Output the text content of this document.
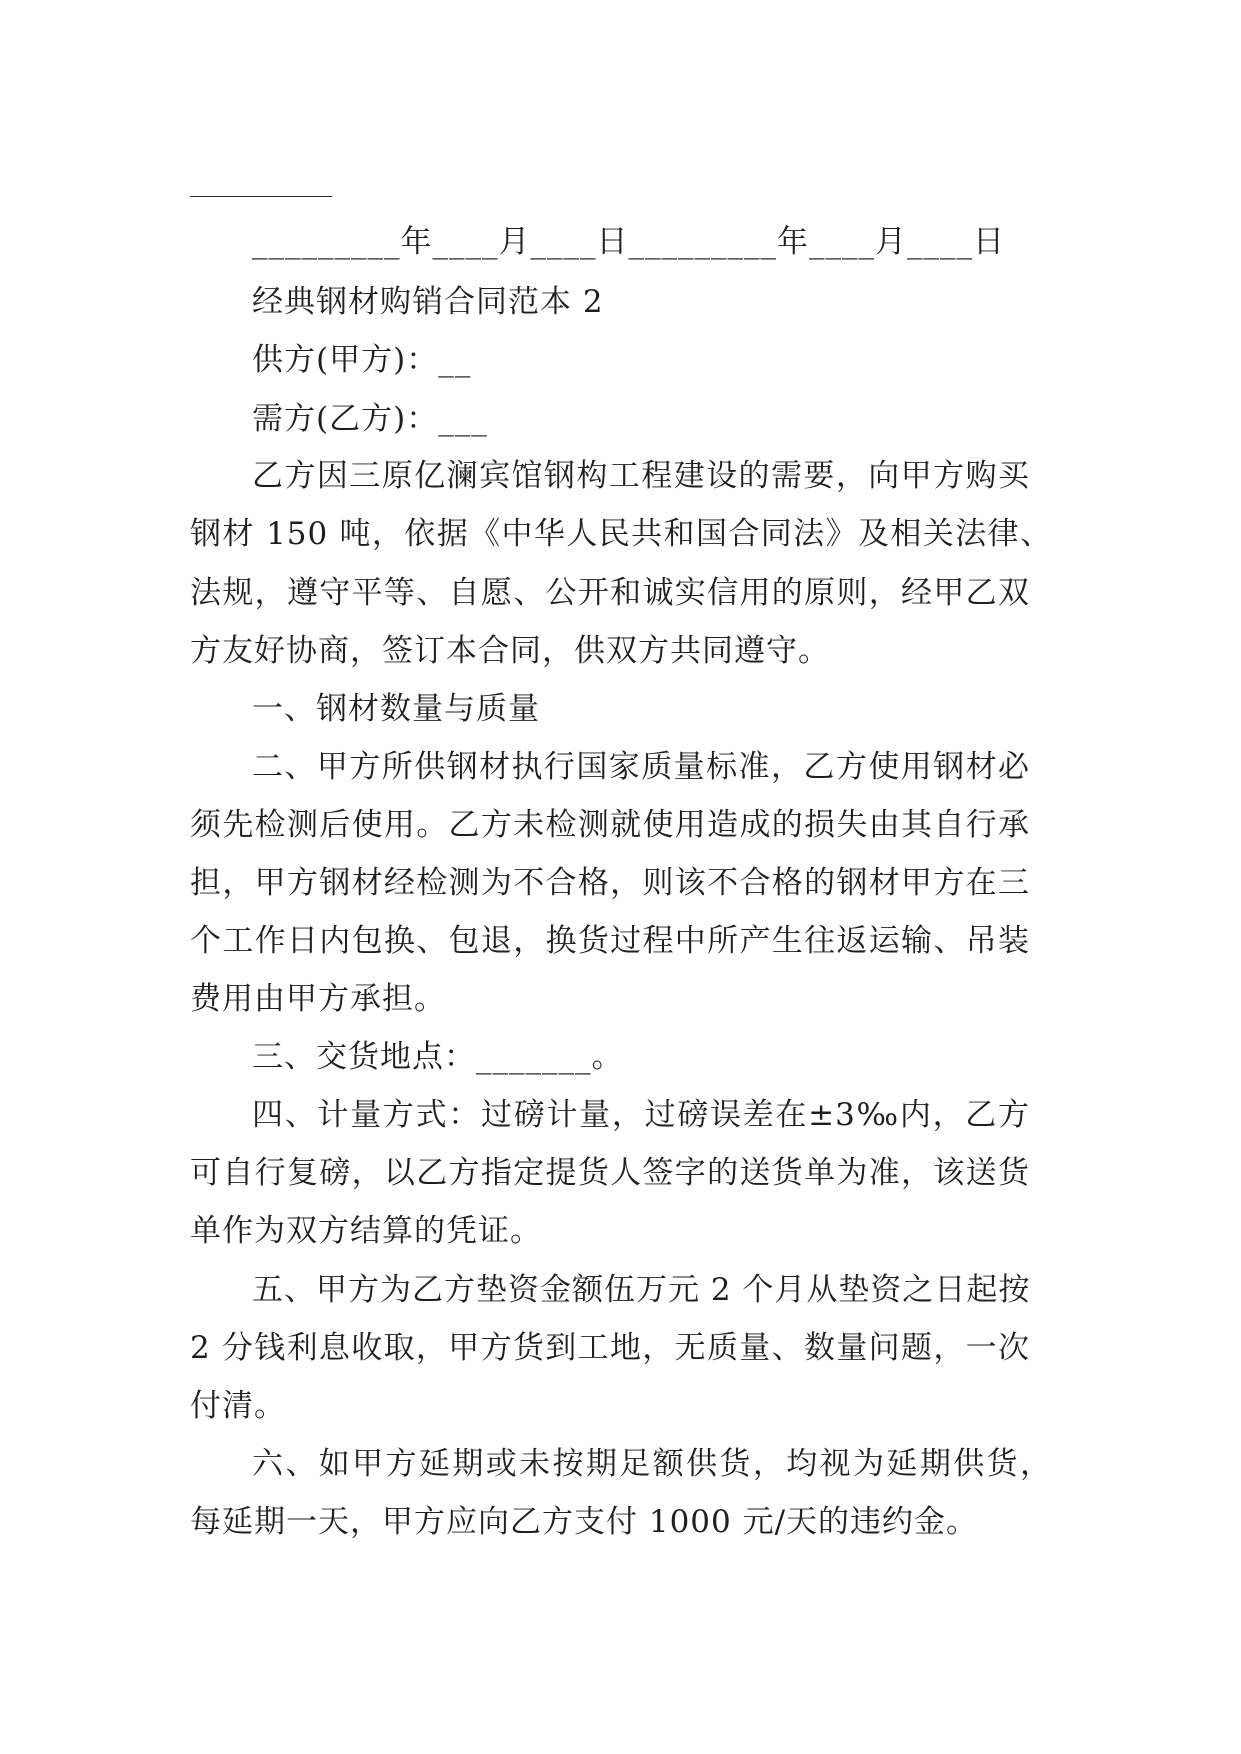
_________年____月____日_________年____月____日
经典钢材购销合同范本 2
供方(甲方)：__
需方(乙方)：___
乙方因三原亿澜宾馆钢构工程建设的需要，向甲方购买
钢材 150 吨，依据《中华人民共和国合同法》及相关法律、
法规，遵守平等、自愿、公开和诚实信用的原则，经甲乙双
方友好协商，签订本合同，供双方共同遵守。
一、钢材数量与质量
二、甲方所供钢材执行国家质量标准，乙方使用钢材必
须先检测后使用。乙方未检测就使用造成的损失由其自行承
担，甲方钢材经检测为不合格，则该不合格的钢材甲方在三
个工作日内包换、包退，换货过程中所产生往返运输、吊装
费用由甲方承担。
三、交货地点：_______。
四、计量方式：过磅计量，过磅误差在±3‰内，乙方
可自行复磅，以乙方指定提货人签字的送货单为准，该送货
单作为双方结算的凭证。
五、甲方为乙方垫资金额伍万元 2 个月从垫资之日起按
2 分钱利息收取，甲方货到工地，无质量、数量问题，一次
付清。
六、如甲方延期或未按期足额供货，均视为延期供货，
每延期一天，甲方应向乙方支付 1000 元/天的违约金。
